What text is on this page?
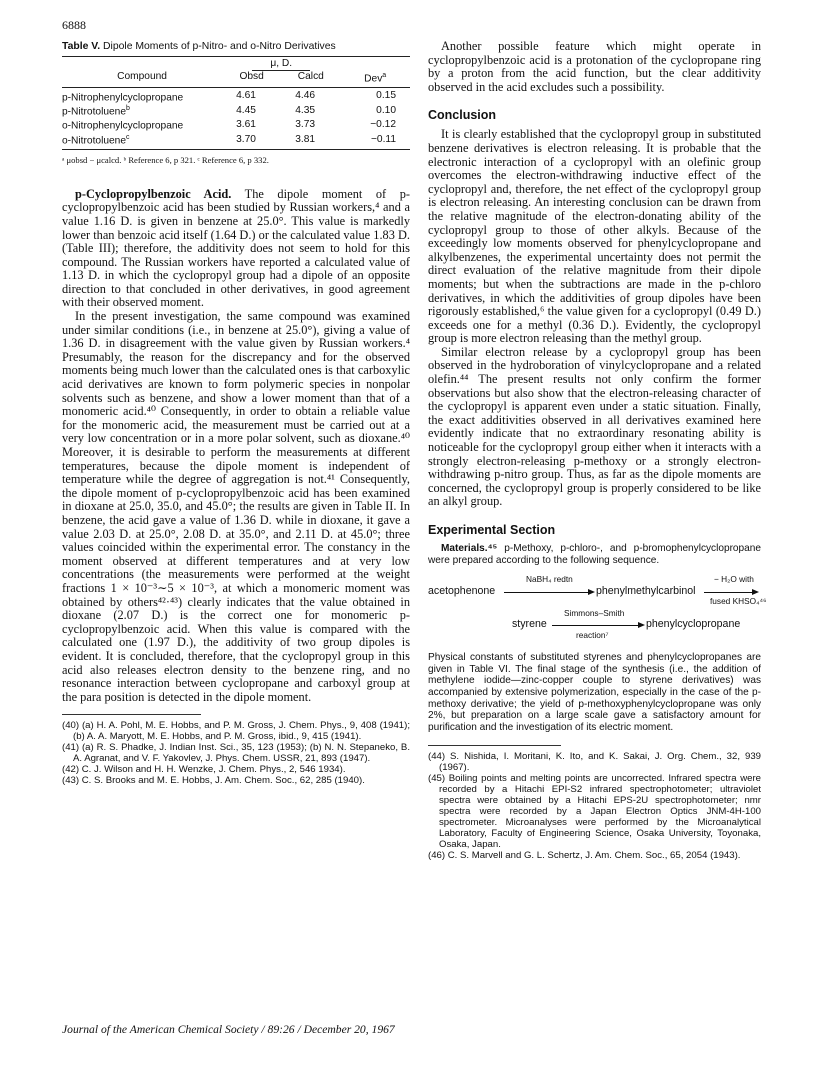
6888
Table V. Dipole Moments of p-Nitro- and o-Nitro Derivatives
	μ, D.		
Compound	Obsd	Calcd	Dev$^a$
p-Nitrophenylcyclopropane	4.61	4.46	0.15
p-Nitrotoluene$^b$	4.45	4.35	0.10
o-Nitrophenylcyclopropane	3.61	3.73	−0.12
o-Nitrotoluene$^c$	3.70	3.81	−0.11
ᵃ μobsd − μcalcd. ᵇ Reference 6, p 321. ᶜ Reference 6, p 332.

p-Cyclopropylbenzoic Acid. The dipole moment of p-cyclopropylbenzoic acid has been studied by Russian workers,⁴ and a value 1.16 D. is given in benzene at 25.0°. This value is markedly lower than benzoic acid itself (1.64 D.) or the calculated value 1.83 D. (Table III); therefore, the additivity does not seem to hold for this compound. The Russian workers have reported a calculated value of 1.13 D. in which the cyclopropyl group had a dipole of an opposite direction to that concluded in other derivatives, in good agreement with their observed moment.

In the present investigation, the same compound was examined under similar conditions (i.e., in benzene at 25.0°), giving a value of 1.36 D. in disagreement with the value given by Russian workers.⁴ Presumably, the reason for the discrepancy and for the observed moments being much lower than the calculated ones is that carboxylic acid derivatives are known to form polymeric species in nonpolar solvents such as benzene, and show a lower moment than that of a monomeric acid.⁴⁰ Consequently, in order to obtain a reliable value for the monomeric acid, the measurement must be carried out at a very low concentration or in a more polar solvent, such as dioxane.⁴⁰ Moreover, it is desirable to perform the measurements at different temperatures, because the dipole moment is independent of temperature while the degree of aggregation is not.⁴¹ Consequently, the dipole moment of p-cyclopropylbenzoic acid has been examined in dioxane at 25.0, 35.0, and 45.0°; the results are given in Table II. In benzene, the acid gave a value of 1.36 D. while in dioxane, it gave a value 2.03 D. at 25.0°, 2.08 D. at 35.0°, and 2.11 D. at 45.0°; three values coincided within the experimental error. The constancy in the moment observed at different temperatures and at very low concentrations (the measurements were performed at the weight fractions 1 × 10⁻³∼5 × 10⁻³, at which a monomeric moment was obtained by others⁴²·⁴³) clearly indicates that the value obtained in dioxane (2.07 D.) is the correct one for monomeric p-cyclopropylbenzoic acid. When this value is compared with the calculated one (1.97 D.), the additivity of two group dipoles is evident. It is concluded, therefore, that the cyclopropyl group in this acid also releases electron density to the benzene ring, and no resonance interaction between cyclopropane and carboxyl group at the para position is detected in the dipole moment.

(40) (a) H. A. Pohl, M. E. Hobbs, and P. M. Gross, J. Chem. Phys., 9, 408 (1941); (b) A. A. Maryott, M. E. Hobbs, and P. M. Gross, ibid., 9, 415 (1941).

(41) (a) R. S. Phadke, J. Indian Inst. Sci., 35, 123 (1953); (b) N. N. Stepaneko, B. A. Agranat, and V. F. Yakovlev, J. Phys. Chem. USSR, 21, 893 (1947).

(42) C. J. Wilson and H. H. Wenzke, J. Chem. Phys., 2, 546 1934).

(43) C. S. Brooks and M. E. Hobbs, J. Am. Chem. Soc., 62, 285 (1940).

Another possible feature which might operate in cyclopropylbenzoic acid is a protonation of the cyclopropane ring by a proton from the acid function, but the clear additivity observed in the acid excludes such a possibility.

Conclusion

It is clearly established that the cyclopropyl group in substituted benzene derivatives is electron releasing. It is probable that the electronic interaction of a cyclopropyl with an olefinic group overcomes the electron-withdrawing inductive effect of the cyclopropyl and, therefore, the net effect of the cyclopropyl group is electron releasing. An interesting conclusion can be drawn from the relative magnitude of the electron-donating ability of the cyclopropyl group to those of other alkyls. Because of the exceedingly low moments observed for phenylcyclopropane and alkylbenzenes, the experimental uncertainty does not permit the direct evaluation of the relative magnitude from their dipole moments; but when the subtractions are made in the p-chloro derivatives, in which the additivities of group dipoles have been rigorously established,⁶ the value given for a cyclopropyl (0.49 D.) exceeds one for a methyl (0.36 D.). Evidently, the cyclopropyl group is more electron releasing than the methyl group.

Similar electron release by a cyclopropyl group has been observed in the hydroboration of vinylcyclopropane and a related olefin.⁴⁴ The present results not only confirm the former observations but also show that the electron-releasing character of the cyclopropyl is apparent even under a static situation. Finally, the exact additivities observed in all derivatives examined here evidently indicate that no extraordinary resonating ability is noticeable for the cyclopropyl group either when it interacts with a strongly electron-releasing p-methoxy or a strongly electron-withdrawing p-nitro group. Thus, as far as the dipole moments are concerned, the cyclopropyl group is properly considered to be like an alkyl group.

Experimental Section

Materials.⁴⁵ p-Methoxy, p-chloro-, and p-bromophenylcyclopropane were prepared according to the following sequence.

NaBH₄ redtn
acetophenone	phenylmethylcarbinol
− H₂O with
fused KHSO₄⁴⁶
Simmons–Smith
styrene
reaction⁷
phenylcyclopropane

Physical constants of substituted styrenes and phenylcyclopropanes are given in Table VI. The final stage of the synthesis (i.e., the addition of methylene iodide—zinc-copper couple to styrene derivatives) was accompanied by extensive polymerization, especially in the case of the p-methoxy derivative; the yield of p-methoxyphenylcyclopropane was only 2%, but preparation on a large scale gave a satisfactory amount for purification and the investigation of its electric moment.

(44) S. Nishida, I. Moritani, K. Ito, and K. Sakai, J. Org. Chem., 32, 939 (1967).

(45) Boiling points and melting points are uncorrected. Infrared spectra were recorded by a Hitachi EPI-S2 infrared spectrophotometer; ultraviolet spectra were obtained by a Hitachi EPS-2U spectrophotometer; nmr spectra were recorded by a Japan Electron Optics JNM-4H-100 spectrometer. Microanalyses were performed by the Microanalytical Laboratory, Faculty of Engineering Science, Osaka University, Toyonaka, Osaka, Japan.

(46) C. S. Marvell and G. L. Schertz, J. Am. Chem. Soc., 65, 2054 (1943).

Journal of the American Chemical Society / 89:26 / December 20, 1967
